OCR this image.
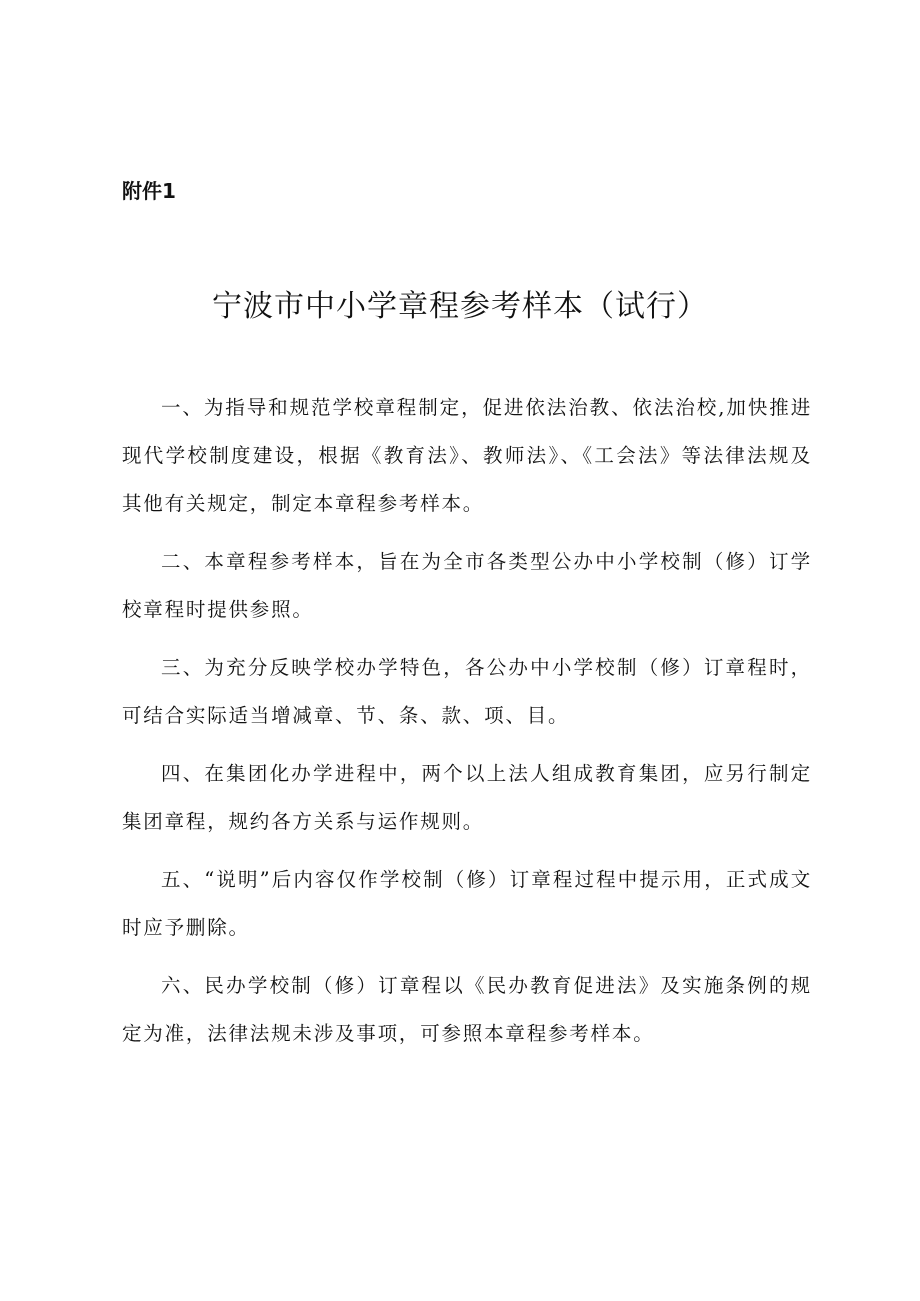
附件1
宁波市中小学章程参考样本（试行）

一、为指导和规范学校章程制定，促进依法治教、依法治校,加快推进现代学校制度建设，根据《教育法》、教师法》、《工会法》等法律法规及其他有关规定，制定本章程参考样本。

二、本章程参考样本，旨在为全市各类型公办中小学校制（修）订学 校章程时提供参照。

三、为充分反映学校办学特色，各公办中小学校制（修）订章程时，可结合实际适当增减章、节、条、款、项、目。

四、在集团化办学进程中，两个以上法人组成教育集团，应另行制定集团章程，规约各方关系与运作规则。

五、“说明”后内容仅作学校制（修）订章程过程中提示用，正式成文时应予删除。

六、民办学校制（修）订章程以《民办教育促进法》及实施条例的规定为准，法律法规未涉及事项，可参照本章程参考样本。
